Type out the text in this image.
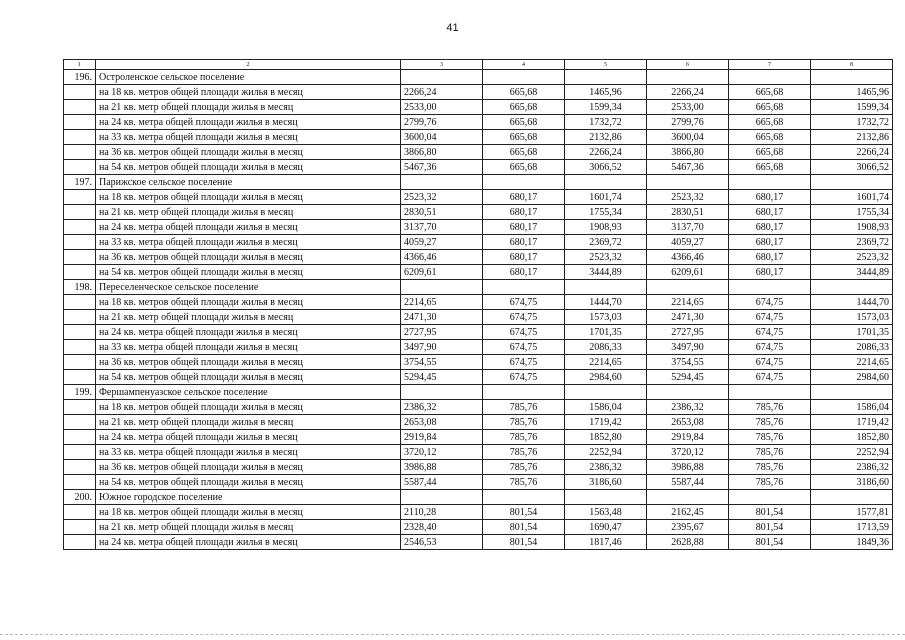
41
1	2	3	4	5	6	7	8
196.	Остроленское сельское поселение						
	на 18 кв. метров общей площади жилья в месяц	2266,24	665,68	1465,96	2266,24	665,68	1465,96
	на 21 кв. метр общей площади жилья в месяц	2533,00	665,68	1599,34	2533,00	665,68	1599,34
	на 24 кв. метра общей площади жилья в месяц	2799,76	665,68	1732,72	2799,76	665,68	1732,72
	на 33 кв. метра общей площади жилья в месяц	3600,04	665,68	2132,86	3600,04	665,68	2132,86
	на 36 кв. метров общей площади жилья в месяц	3866,80	665,68	2266,24	3866,80	665,68	2266,24
	на 54 кв. метров общей площади жилья в месяц	5467,36	665,68	3066,52	5467,36	665,68	3066,52
197.	Парижское сельское поселение						
	на 18 кв. метров общей площади жилья в месяц	2523,32	680,17	1601,74	2523,32	680,17	1601,74
	на 21 кв. метр общей площади жилья в месяц	2830,51	680,17	1755,34	2830,51	680,17	1755,34
	на 24 кв. метра общей площади жилья в месяц	3137,70	680,17	1908,93	3137,70	680,17	1908,93
	на 33 кв. метра общей площади жилья в месяц	4059,27	680,17	2369,72	4059,27	680,17	2369,72
	на 36 кв. метров общей площади жилья в месяц	4366,46	680,17	2523,32	4366,46	680,17	2523,32
	на 54 кв. метров общей площади жилья в месяц	6209,61	680,17	3444,89	6209,61	680,17	3444,89
198.	Переселенческое сельское поселение						
	на 18 кв. метров общей площади жилья в месяц	2214,65	674,75	1444,70	2214,65	674,75	1444,70
	на 21 кв. метр общей площади жилья в месяц	2471,30	674,75	1573,03	2471,30	674,75	1573,03
	на 24 кв. метра общей площади жилья в месяц	2727,95	674,75	1701,35	2727,95	674,75	1701,35
	на 33 кв. метра общей площади жилья в месяц	3497,90	674,75	2086,33	3497,90	674,75	2086,33
	на 36 кв. метров общей площади жилья в месяц	3754,55	674,75	2214,65	3754,55	674,75	2214,65
	на 54 кв. метров общей площади жилья в месяц	5294,45	674,75	2984,60	5294,45	674,75	2984,60
199.	Фершампенуазское сельское поселение						
	на 18 кв. метров общей площади жилья в месяц	2386,32	785,76	1586,04	2386,32	785,76	1586,04
	на 21 кв. метр общей площади жилья в месяц	2653,08	785,76	1719,42	2653,08	785,76	1719,42
	на 24 кв. метра общей площади жилья в месяц	2919,84	785,76	1852,80	2919,84	785,76	1852,80
	на 33 кв. метра общей площади жилья в месяц	3720,12	785,76	2252,94	3720,12	785,76	2252,94
	на 36 кв. метров общей площади жилья в месяц	3986,88	785,76	2386,32	3986,88	785,76	2386,32
	на 54 кв. метров общей площади жилья в месяц	5587,44	785,76	3186,60	5587,44	785,76	3186,60
200.	Южное городское поселение						
	на 18 кв. метров общей площади жилья в месяц	2110,28	801,54	1563,48	2162,45	801,54	1577,81
	на 21 кв. метр общей площади жилья в месяц	2328,40	801,54	1690,47	2395,67	801,54	1713,59
	на 24 кв. метра общей площади жилья в месяц	2546,53	801,54	1817,46	2628,88	801,54	1849,36
